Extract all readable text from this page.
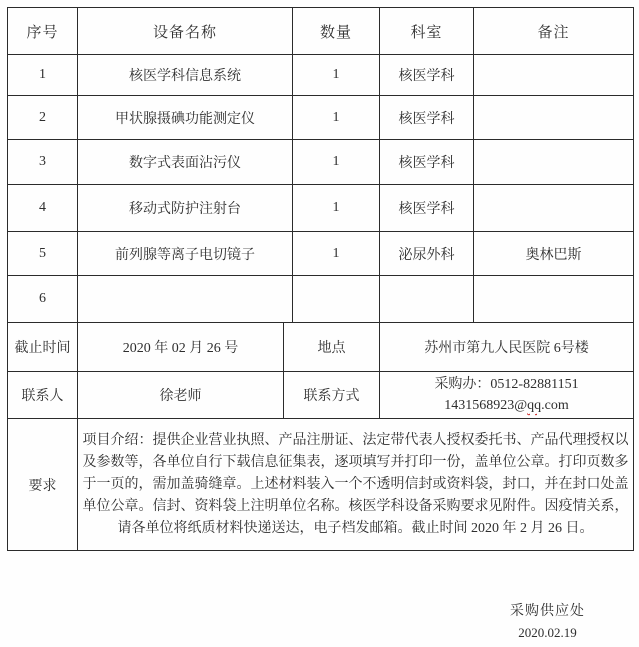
序号	设备名称		数量	科室	备注
1	核医学科信息系统		1	核医学科	
2	甲状腺摄碘功能测定仪		1	核医学科	
3	数字式表面沾污仪		1	核医学科	
4	移动式防护注射台		1	核医学科	
5	前列腺等离子电切镜子		1	泌尿外科	奥林巴斯
6					
截止时间	2020 年 02 月 26 号	地点		苏州市第九人民医院 6号楼	
联系人	徐老师	联系方式		采购办：0512-82881151
1431568923@qq.com	

要求	项目介绍：提供企业营业执照、产品注册证、法定带代表人授权委托书、产品代理授权以及参数等，各单位自行下载信息征集表，逐项填写并打印一份，盖单位公章。打印页数多于一页的，需加盖骑缝章。上述材料装入一个不透明信封或资料袋，封口，并在封口处盖单位公章。信封、资料袋上注明单位名称。核医学科设备采购要求见附件。因疫情关系，请各单位将纸质材料快递送达，电子档发邮箱。截止时间 2020 年 2 月 26 日。				
采购供应处
2020.02.19
